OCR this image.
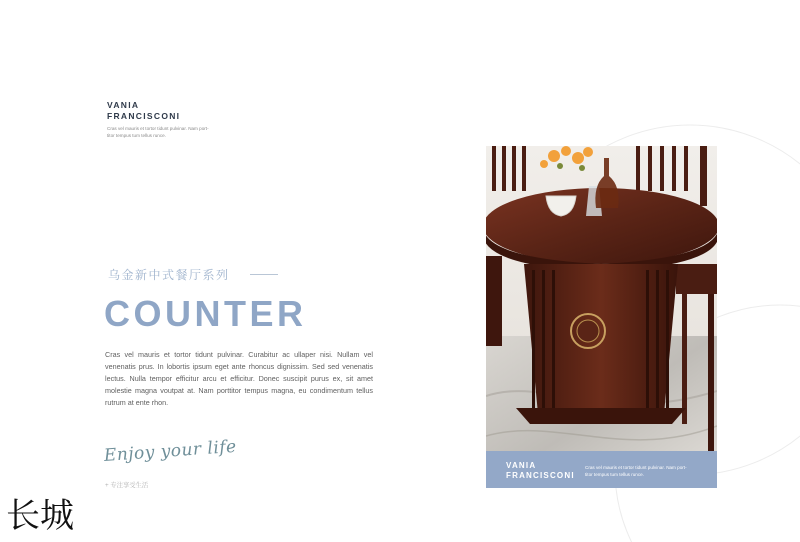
VANIA
FRANCISCONI
Cras vel mauris et tortor tidunt pulvinar. Nam port-
titor tempus tum tellus runce.
乌金新中式餐厅系列
COUNTER
Cras vel mauris et tortor tidunt pulvinar. Curabitur ac ullaper nisi. Nullam vel venenatis prus. In lobortis ipsum eget ante rhoncus dignissim. Sed sed venenatis lectus. Nulla tempor efficitur arcu et efficitur. Donec suscipit purus ex, sit amet molestie magna voutpat at. Nam porttitor tempus magna, eu condimentum tellus rutrum at ente rhon.
Enjoy your life
+ 专注享受生活
长城
VANIA
FRANCISCONI
Cras vel mauris et tortor tidunt pulvinar. Nam port-
titor tempus tum tellus runce.
